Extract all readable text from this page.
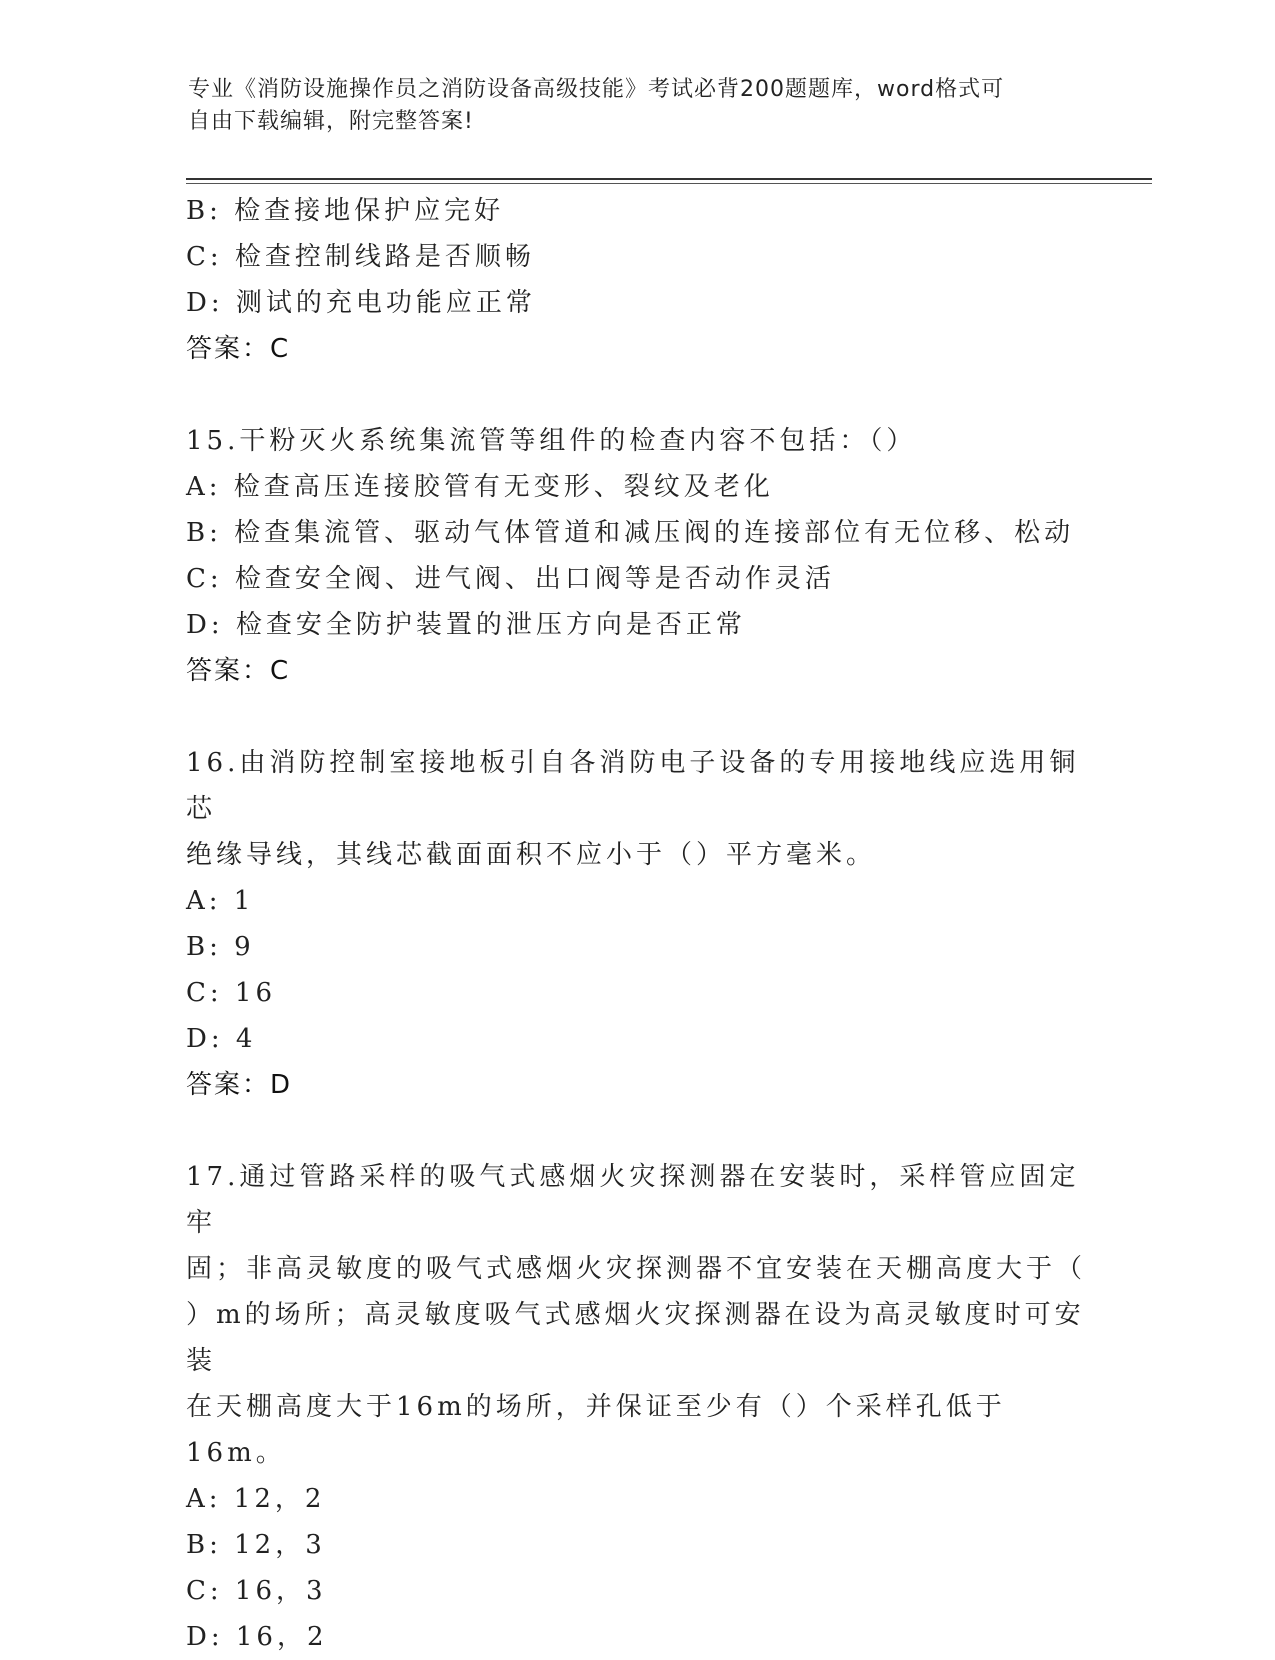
专业《消防设施操作员之消防设备高级技能》考试必背200题题库，word格式可
自由下载编辑，附完整答案!
B: 检查接地保护应完好
C: 检查控制线路是否顺畅
D: 测试的充电功能应正常
答案：C
15.干粉灭火系统集流管等组件的检查内容不包括：（）
A: 检查高压连接胶管有无变形、裂纹及老化
B: 检查集流管、驱动气体管道和减压阀的连接部位有无位移、松动
C: 检查安全阀、进气阀、出口阀等是否动作灵活
D: 检查安全防护装置的泄压方向是否正常
答案：C
16.由消防控制室接地板引自各消防电子设备的专用接地线应选用铜芯
绝缘导线，其线芯截面面积不应小于（）平方毫米。
A: 1
B: 9
C: 16
D: 4
答案：D
17.通过管路采样的吸气式感烟火灾探测器在安装时，采样管应固定牢
固；非高灵敏度的吸气式感烟火灾探测器不宜安装在天棚高度大于（
）m的场所；高灵敏度吸气式感烟火灾探测器在设为高灵敏度时可安装
在天棚高度大于16m的场所，并保证至少有（）个采样孔低于16m。
A: 12，2
B: 12，3
C: 16，3
D: 16，2
